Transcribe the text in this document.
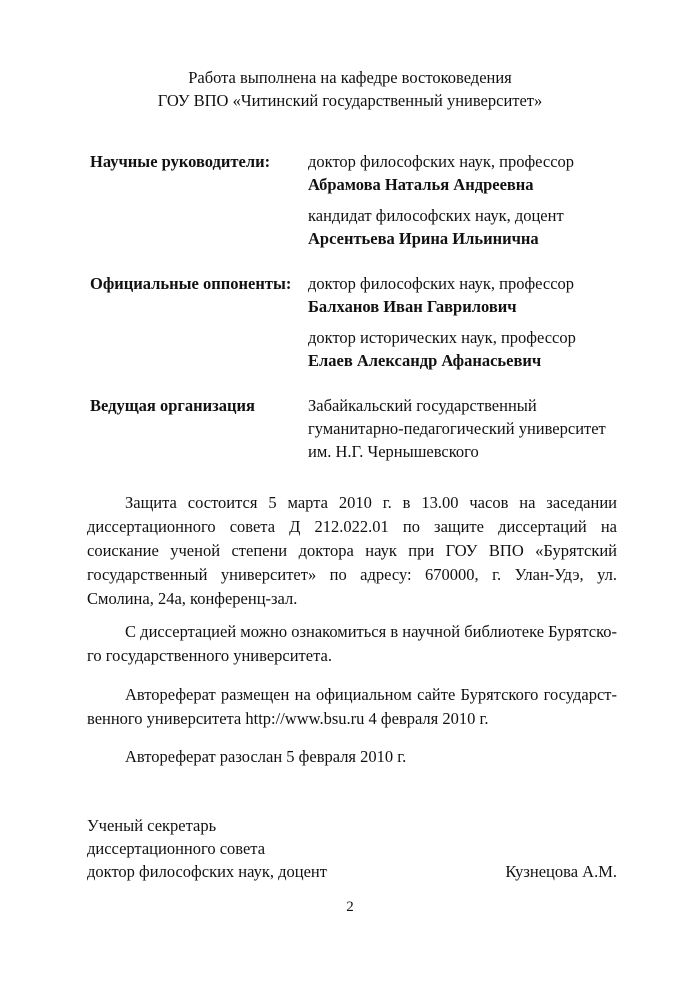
Работа выполнена на кафедре востоковедения
ГОУ ВПО «Читинский государственный университет»
Научные руководители:	доктор философских наук, профессор
Абрамова Наталья Андреевна
кандидат философских наук, доцент
Арсентьева Ирина Ильинична
Официальные оппоненты:	доктор философских наук, профессор
Балханов Иван Гаврилович
доктор исторических наук, профессор
Елаев Александр Афанасьевич
Ведущая организация	Забайкальский государственный
гуманитарно-педагогический университет
им. Н.Г. Чернышевского
Защита состоится 5 марта 2010 г. в 13.00 часов на заседании диссертационного совета Д 212.022.01 по защите диссертаций на соискание ученой степени доктора наук при ГОУ ВПО «Бурятский государственный университет» по адресу: 670000, г. Улан-Удэ, ул. Смолина, 24а, конференц-зал.
С диссертацией можно ознакомиться в научной библиотеке Бурятского государственного университета.
Автореферат размещен на официальном сайте Бурятского государственного университета http://www.bsu.ru 4 февраля 2010 г.
Автореферат разослан 5 февраля 2010 г.
Ученый секретарь
диссертационного совета
доктор философских наук, доцент	Кузнецова А.М.
2
